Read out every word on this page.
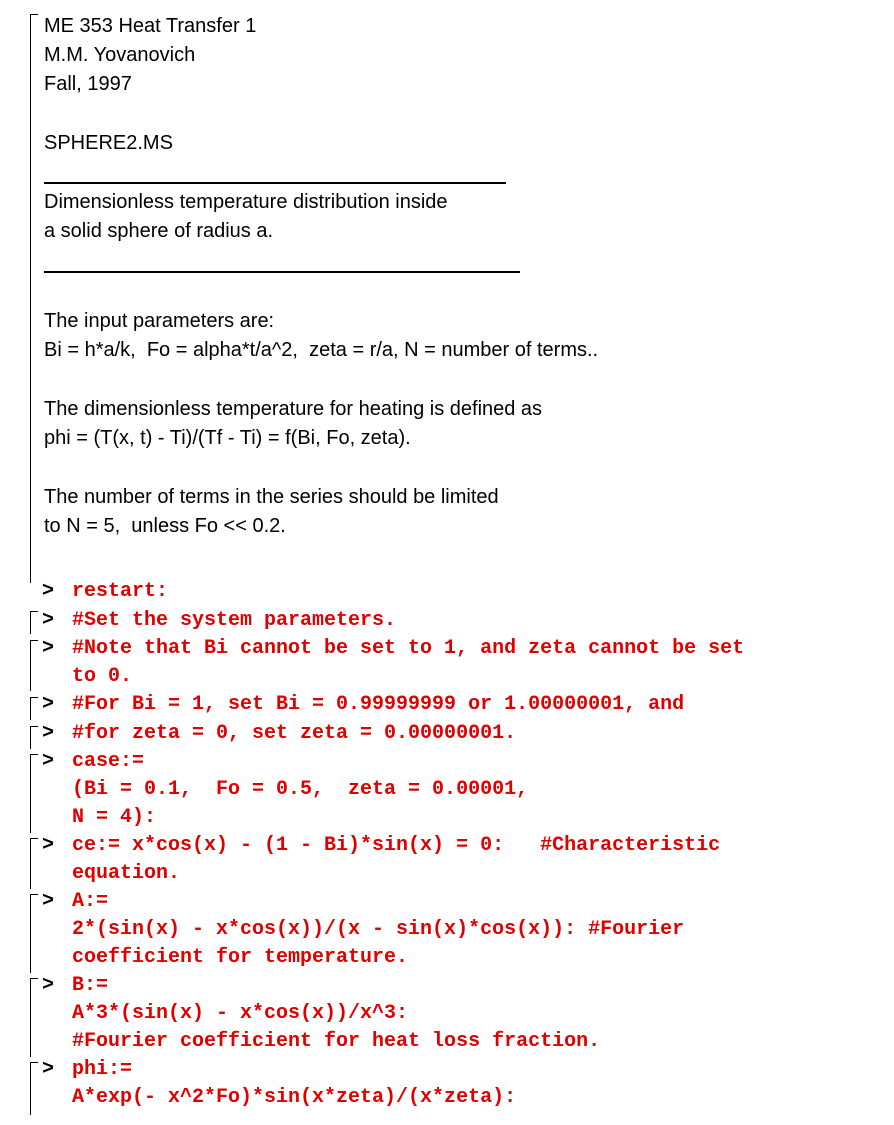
ME 353 Heat Transfer 1
M.M. Yovanovich
Fall, 1997
SPHERE2.MS
Dimensionless temperature distribution inside
a solid sphere of radius a.
The input parameters are:
Bi = h*a/k,  Fo = alpha*t/a^2,  zeta = r/a, N = number of terms..
The dimensionless temperature for heating is defined as
phi = (T(x, t) - Ti)/(Tf - Ti) = f(Bi, Fo, zeta).
The number of terms in the series should be limited
to N = 5,  unless Fo << 0.2.
> restart:
> #Set the system parameters.
> #Note that Bi cannot be set to 1, and zeta cannot be set
to 0.
> #For Bi = 1, set Bi = 0.99999999 or 1.00000001, and
> #for zeta = 0, set zeta = 0.00000001.
> case:=
(Bi = 0.1,  Fo = 0.5,  zeta = 0.00001,
N = 4):
> ce:= x*cos(x) - (1 - Bi)*sin(x) = 0:   #Characteristic
equation.
> A:=
2*(sin(x) - x*cos(x))/(x - sin(x)*cos(x)): #Fourier
coefficient for temperature.
> B:=
A*3*(sin(x) - x*cos(x))/x^3:
#Fourier coefficient for heat loss fraction.
> phi:=
A*exp(- x^2*Fo)*sin(x*zeta)/(x*zeta):
